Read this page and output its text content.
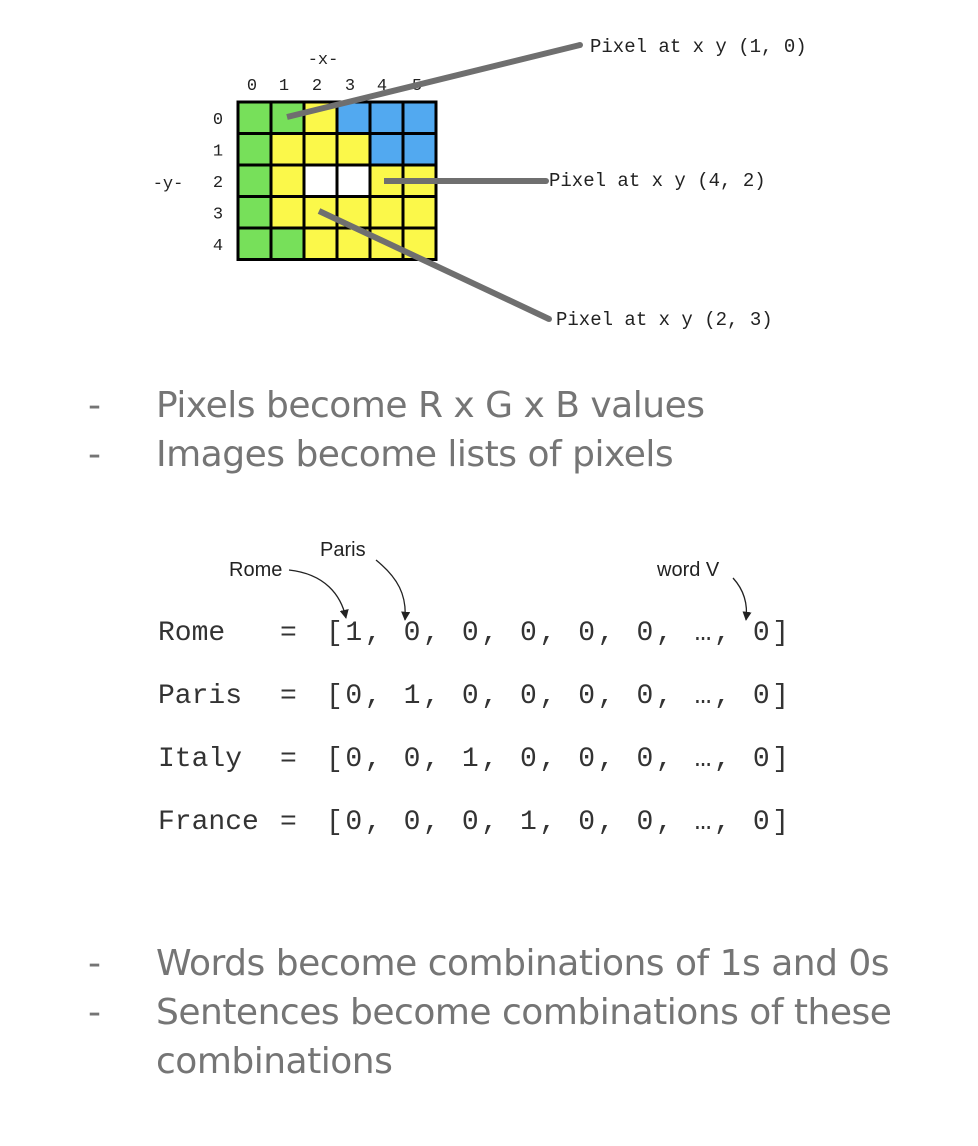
-x-
-y-
0 1 2 3 4
0
1
2
3
4
Pixel at x y (1, 0)
Pixel at x y (4, 2)
Pixel at x y (2, 3)
Rome
Paris
word V
- Pixels become R x G x B values
- Images become lists of pixels
Rome = [1, 0, 0, 0, 0, 0, …, 0]
Paris = [0, 1, 0, 0, 0, 0, …, 0]
Italy = [0, 0, 1, 0, 0, 0, …, 0]
France = [0, 0, 0, 1, 0, 0, …, 0]
- Words become combinations of 1s and 0s
- Sentences become combinations of these combinations
